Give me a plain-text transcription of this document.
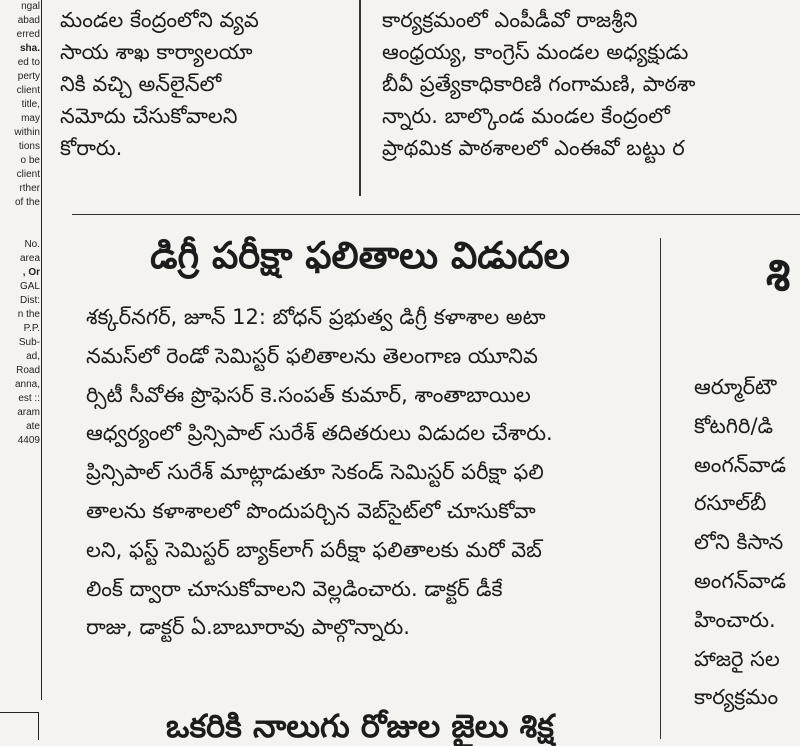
ngal
abad
erred
sha.
ed to
perty
client
title,
may
within
tions
o be
client
rther
of the

No.
area
, Or
GAL
Dist:
n the
P.P.
Sub-
ad,
Road
anna,
est ::
aram
ate
4409
మండల కేంద్రంలోని వ్యవ
సాయ శాఖ కార్యాలయా
నికి వచ్చి అన్‌లైన్‌లో
నమోదు చేసుకోవాలని
కోరారు.
కార్యక్రమంలో ఎంపీడీవో రాజశ్రీని
ఆంధ్రయ్య, కాంగ్రెస్ మండల అధ్యక్షుడు
బీవీ ప్రత్యేకాధికారిణి గంగామణి, పాఠశా
న్నారు. బాల్కొండ మండల కేంద్రంలో
ప్రాథమిక పాఠశాలలో ఎంఈవో బట్టు ర
డిగ్రీ పరీక్షా ఫలితాలు విడుదల
శక్కర్‌నగర్, జూన్ 12: బోధన్ ప్రభుత్వ డిగ్రీ కళాశాల అటా
నమస్‌లో రెండో సెమిస్టర్ ఫలితాలను తెలంగాణ యూనివ
ర్సిటీ సీవోఈ ప్రొఫెసర్ కె.సంపత్ కుమార్, శాంతాబాయిల
ఆధ్వర్యంలో ప్రిన్సిపాల్ సురేశ్ తదితరులు విడుదల చేశారు.
ప్రిన్సిపాల్ సురేశ్ మాట్లాడుతూ సెకండ్ సెమిస్టర్ పరీక్షా ఫలి
తాలను కళాశాలలో పొందుపర్చిన వెబ్‌సైట్‌లో చూసుకోవా
లని, ఫస్ట్ సెమిస్టర్ బ్యాక్‌లాగ్ పరీక్షా ఫలితాలకు మరో వెబ్
లింక్ ద్వారా చూసుకోవాలని వెల్లడించారు. డాక్టర్ డీకే
రాజు, డాక్టర్ ఏ.బాబూరావు పాల్గొన్నారు.
శి
ఆర్మూర్‌టౌ
కోటగిరి/డి
అంగన్‌వాడ
రసూల్‌బీ
లోని కిసాన
అంగన్‌వాడ
హించారు.
హాజరై సల
కార్యక్రమం
ఒకరికి నాలుగు రోజుల జైలు శిక్ష
